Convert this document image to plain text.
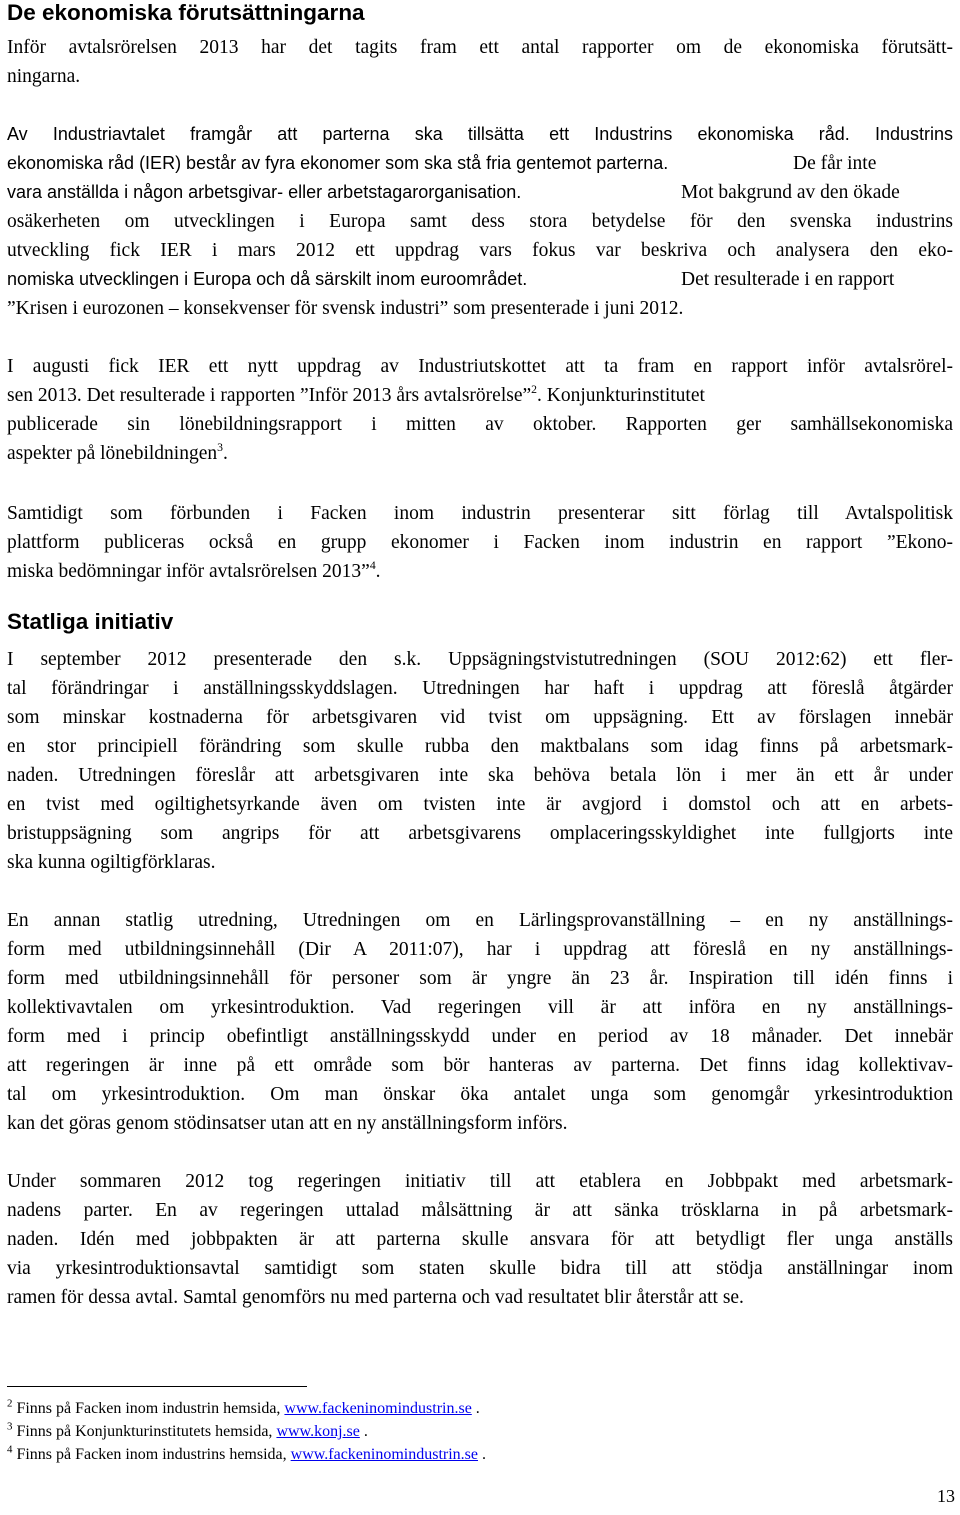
De ekonomiska förutsättningarna
Inför avtalsrörelsen 2013 har det tagits fram ett antal rapporter om de ekonomiska förutsätt-
ningarna.
Av Industriavtalet framgår att parterna ska tillsätta ett Industrins ekonomiska råd. Industrins
ekonomiska råd (IER) består av fyra ekonomer som ska stå fria gentemot parterna.	De får inte
vara anställda i någon arbetsgivar- eller arbetstagarorganisation.	Mot bakgrund av den ökade
osäkerheten om utvecklingen i Europa samt dess stora betydelse för den svenska industrins
utveckling fick IER i mars 2012 ett uppdrag vars fokus var beskriva och analysera den eko-
nomiska utvecklingen i Europa och då särskilt inom euroområdet.	Det resulterade i en rapport
”Krisen i eurozonen – konsekvenser för svensk industri” som presenterade i juni 2012.
I augusti fick IER ett nytt uppdrag av Industriutskottet att ta fram en rapport inför avtalsrörel-
sen 2013. Det resulterade i rapporten ”Inför 2013 års avtalsrörelse”$^2$. Konjunkturinstitutet
publicerade sin lönebildningsrapport i mitten av oktober. Rapporten ger samhällsekonomiska
aspekter på lönebildningen$^3$.
Samtidigt som förbunden i Facken inom industrin presenterar sitt förlag till Avtalspolitisk
plattform publiceras också en grupp ekonomer i Facken inom industrin en rapport ”Ekono-
miska bedömningar inför avtalsrörelsen 2013”$^4$.
Statliga initiativ
I september 2012 presenterade den s.k. Uppsägningstvistutredningen (SOU 2012:62) ett fler-
tal förändringar i anställningsskyddslagen. Utredningen har haft i uppdrag att föreslå åtgärder
som minskar kostnaderna för arbetsgivaren vid tvist om uppsägning. Ett av förslagen innebär
en stor principiell förändring som skulle rubba den maktbalans som idag finns på arbetsmark-
naden. Utredningen föreslår att arbetsgivaren inte ska behöva betala lön i mer än ett år under
en tvist med ogiltighetsyrkande även om tvisten inte är avgjord i domstol och att en arbets-
bristuppsägning som angrips för att arbetsgivarens omplaceringsskyldighet inte fullgjorts inte
ska kunna ogiltigförklaras.
En annan statlig utredning, Utredningen om en Lärlingsprovanställning – en ny anställnings-
form med utbildningsinnehåll (Dir A 2011:07), har i uppdrag att föreslå en ny anställnings-
form med utbildningsinnehåll för personer som är yngre än 23 år. Inspiration till idén finns i
kollektivavtalen om yrkesintroduktion. Vad regeringen vill är att införa en ny anställnings-
form med i princip obefintligt anställningsskydd under en period av 18 månader. Det innebär
att regeringen är inne på ett område som bör hanteras av parterna. Det finns idag kollektivav-
tal om yrkesintroduktion. Om man önskar öka antalet unga som genomgår yrkesintroduktion
kan det göras genom stödinsatser utan att en ny anställningsform införs.
Under sommaren 2012 tog regeringen initiativ till att etablera en Jobbpakt med arbetsmark-
nadens parter. En av regeringen uttalad målsättning är att sänka trösklarna in på arbetsmark-
naden. Idén med jobbpakten är att parterna skulle ansvara för att betydligt fler unga anställs
via yrkesintroduktionsavtal samtidigt som staten skulle bidra till att stödja anställningar inom
ramen för dessa avtal. Samtal genomförs nu med parterna och vad resultatet blir återstår att se.
$^2$ Finns på Facken inom industrin hemsida, www.fackeninomindustrin.se .
$^3$ Finns på Konjunkturinstitutets hemsida, www.konj.se .
$^4$ Finns på Facken inom industrins hemsida, www.fackeninomindustrin.se .
13
